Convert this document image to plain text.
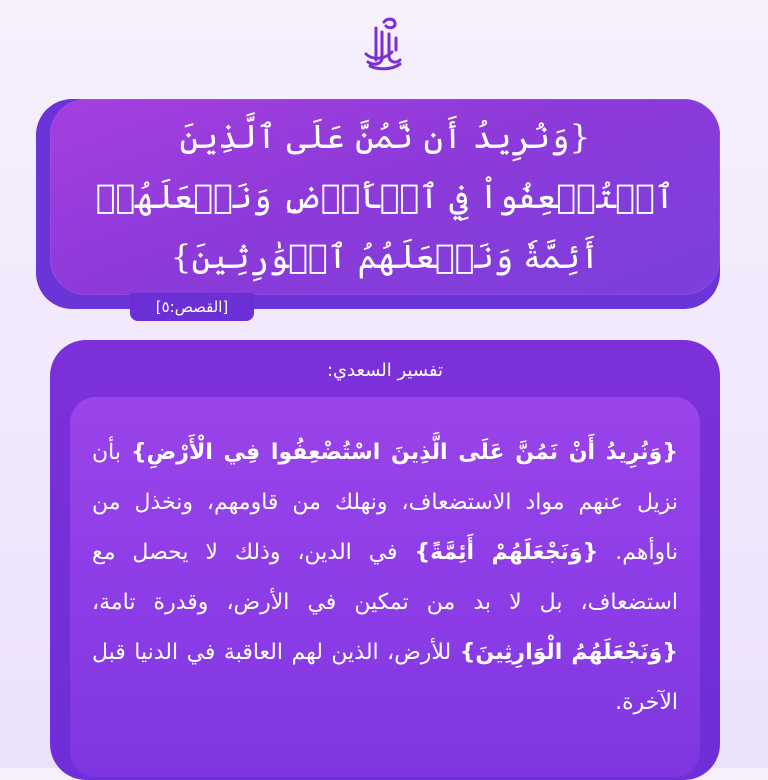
{وَنُرِيدُ أَن نَّمُنَّ عَلَى ٱلَّذِينَ ٱسۡتُضۡعِفُواْ فِي ٱلۡأَرۡضِ وَنَجۡعَلَهُمۡ أَئِمَّةٗ وَنَجۡعَلَهُمُ ٱلۡوَٰرِثِينَ}

[القصص:٥]
تفسير السعدي:

{وَنُرِيدُ أَنْ نَمُنَّ عَلَى الَّذِينَ اسْتُضْعِفُوا فِي الْأَرْضِ} بأن نزيل عنهم مواد الاستضعاف، ونهلك من قاومهم، ونخذل من ناوأهم. {وَنَجْعَلَهُمْ أَئِمَّةً} في الدين، وذلك لا يحصل مع استضعاف، بل لا بد من تمكين في الأرض، وقدرة تامة، {وَنَجْعَلَهُمُ الْوَارِثِينَ} للأرض، الذين لهم العاقبة في الدنيا قبل الآخرة.
